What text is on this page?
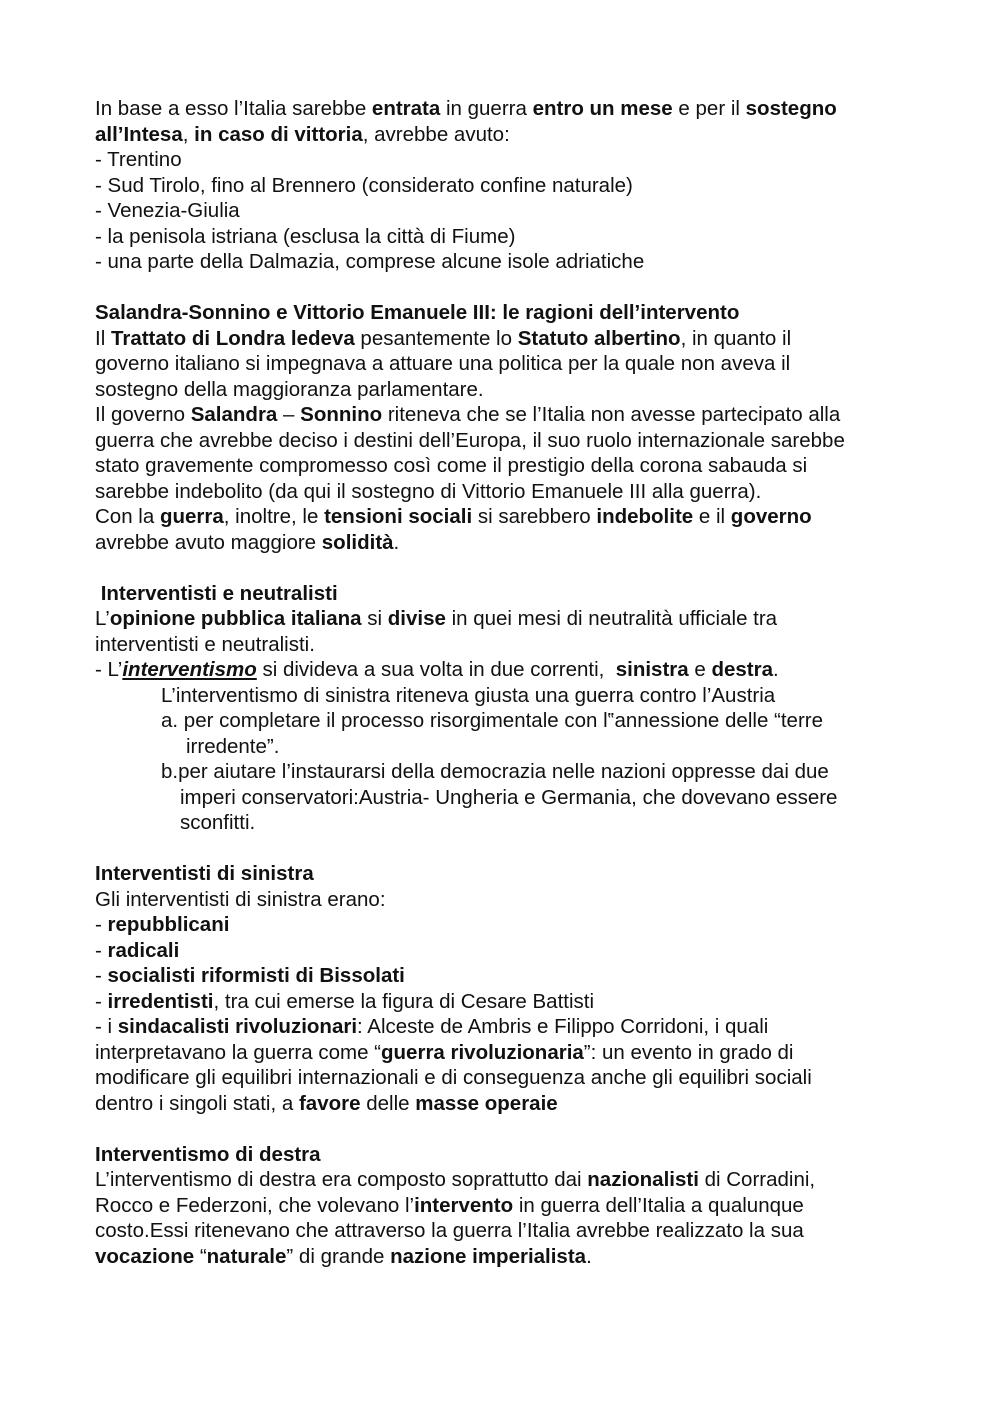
In base a esso l’Italia sarebbe entrata in guerra entro un mese e per il sostegno
all’Intesa, in caso di vittoria, avrebbe avuto:
- Trentino
- Sud Tirolo, fino al Brennero (considerato confine naturale)
- Venezia-Giulia
- la penisola istriana (esclusa la città di Fiume)
- una parte della Dalmazia, comprese alcune isole adriatiche
Salandra-Sonnino e Vittorio Emanuele III: le ragioni dell’intervento
Il Trattato di Londra ledeva pesantemente lo Statuto albertino, in quanto il
governo italiano si impegnava a attuare una politica per la quale non aveva il
sostegno della maggioranza parlamentare.
Il governo Salandra – Sonnino riteneva che se l’Italia non avesse partecipato alla
guerra che avrebbe deciso i destini dell’Europa, il suo ruolo internazionale sarebbe
stato gravemente compromesso così come il prestigio della corona sabauda si
sarebbe indebolito (da qui il sostegno di Vittorio Emanuele III alla guerra).
Con la guerra, inoltre, le tensioni sociali si sarebbero indebolite e il governo
avrebbe avuto maggiore solidità.
Interventisti e neutralisti
L’opinione pubblica italiana si divise in quei mesi di neutralità ufficiale tra
interventisti e neutralisti.
- L’interventismo si divideva a sua volta in due correnti,  sinistra e destra.
L’interventismo di sinistra riteneva giusta una guerra contro l’Austria
a. per completare il processo risorgimentale con l‟annessione delle “terre
irredente”.
b.per aiutare l’instaurarsi della democrazia nelle nazioni oppresse dai due
imperi conservatori:Austria- Ungheria e Germania, che dovevano essere
sconfitti.
Interventisti di sinistra
Gli interventisti di sinistra erano:
- repubblicani
- radicali
- socialisti riformisti di Bissolati
- irredentisti, tra cui emerse la figura di Cesare Battisti
- i sindacalisti rivoluzionari: Alceste de Ambris e Filippo Corridoni, i quali
interpretavano la guerra come “guerra rivoluzionaria”: un evento in grado di
modificare gli equilibri internazionali e di conseguenza anche gli equilibri sociali
dentro i singoli stati, a favore delle masse operaie
Interventismo di destra
L’interventismo di destra era composto soprattutto dai nazionalisti di Corradini,
Rocco e Federzoni, che volevano l’intervento in guerra dell’Italia a qualunque
costo.Essi ritenevano che attraverso la guerra l’Italia avrebbe realizzato la sua
vocazione “naturale” di grande nazione imperialista.
